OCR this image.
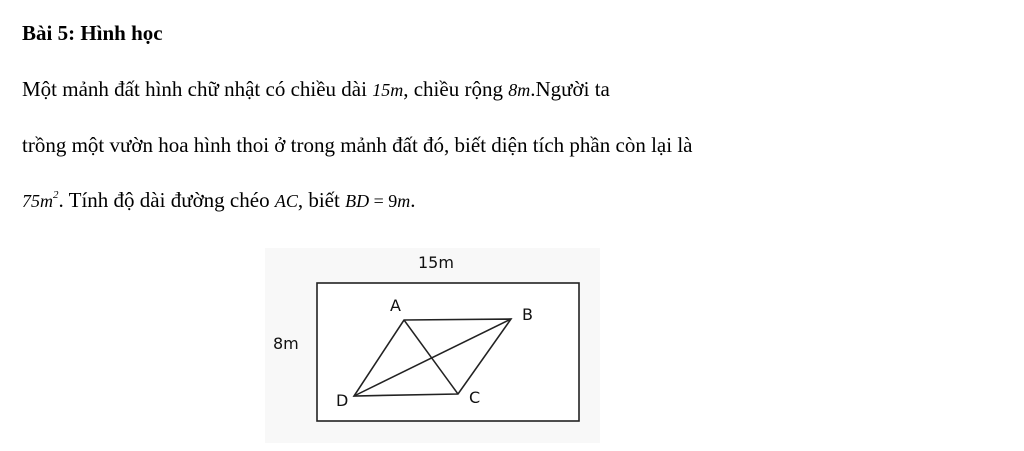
Bài 5: Hình học
Một mảnh đất hình chữ nhật có chiều dài 15m, chiều rộng 8m.Người ta
trồng một vườn hoa hình thoi ở trong mảnh đất đó, biết diện tích phần còn lại là
$75m^2$. Tính độ dài đường chéo AC, biết BD = 9m.
15m
8m
A	B
C
D
